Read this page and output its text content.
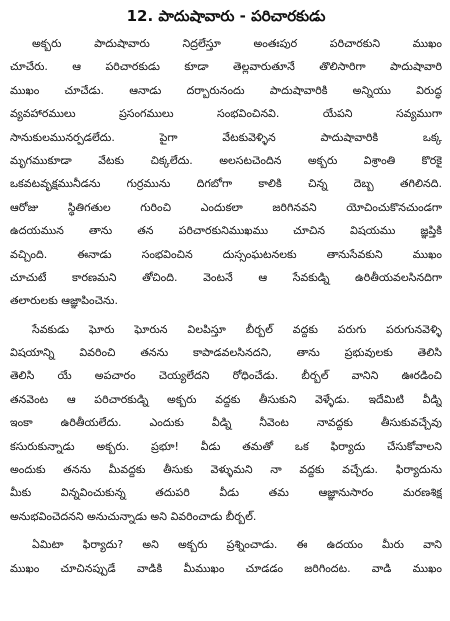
12. పాదుషావారు - పరిచారకుడు
అక్బరు పాదుషావారు నిద్రలేస్తూ అంతఃపుర పరిచారకుని ముఖం
చూచేరు. ఆ పరిచారకుడు కూడా తెల్లవారుతూనే తొలిసారిగా పాదుషావారి
ముఖం చూచేడు. ఆనాడు దర్బారునందు పాదుషావారికి అన్నియు విరుద్ధ
వ్యవహారములు ప్రసంగములు సంభవించినవి. యేపని సవ్యముగా
సానుకులమునర్పడలేదు. పైగా వేటకువెళ్ళిన పాదుషావారికి ఒక్క
మృగముకూడా వేటకు చిక్కలేదు. అలసటచెందిన అక్బరు విశ్రాంతి కొరకై
ఒకవటవృక్షమునీడను గుర్రమును దిగబోగా కాలికి చిన్న దెబ్బ తగిలినది.
ఆరోజు స్థితిగతుల గురించి ఎందుకలా జరిగినవని యోచించుకొనచుండగా
ఉదయమున తాను తన పరిచారకునిముఖము చూచిన విషయము జ్ఞప్తికి
వచ్చింది. ఈనాడు సంభవించిన దుస్సంఘటనలకు తానుసేవకుని ముఖం
చూచుటే కారణమని తోచింది. వెంటనే ఆ సేవకుడ్ని ఉరితీయవలసినదిగా
తలారులకు ఆజ్ఞాపించెను.
సేవకుడు ఘోరు ఘోరున విలపిస్తూ బీర్బల్ వద్దకు పరుగు పరుగునవెళ్ళి
విషయాన్ని వివరించి తనను కాపాడవలసినదని, తాను ప్రభువులకు తెలిసి
తెలిసి యే అపచారం చెయ్యలేదని రోధించేడు. బీర్బల్ వానిని ఊరడించి
తనవెంట ఆ పరిచారకుడ్ని అక్బరు వద్దకు తీసుకుని వెళ్ళేడు. ఇదేమిటి వీడ్ని
ఇంకా ఉరితీయలేదు. ఎందుకు వీడ్ని నీవెంట నావద్దకు తీసుకువచ్చేవు
కసురుకున్నాడు అక్బరు. ప్రభూ! వీడు తమతో ఒక ఫిర్యాదు చేసుకోవాలని
అందుకు తనను మీవద్దకు తీసుకు వెళ్ళుమని నా వద్దకు వచ్చేడు. ఫిర్యాదును
మీకు విన్నవించుకున్న తదుపరి వీడు తమ ఆజ్ఞానుసారం మరణశిక్ష
అనుభవించెదనని అనుచున్నాడు అని వివరించాడు బీర్బల్.
ఏమిటా ఫిర్యాదు? అని అక్బరు ప్రశ్నించాడు. ఈ ఉదయం మీరు వాని
ముఖం చూచినప్పుడే వాడికి మీముఖం చూడడం జరిగిందట. వాడి ముఖం
